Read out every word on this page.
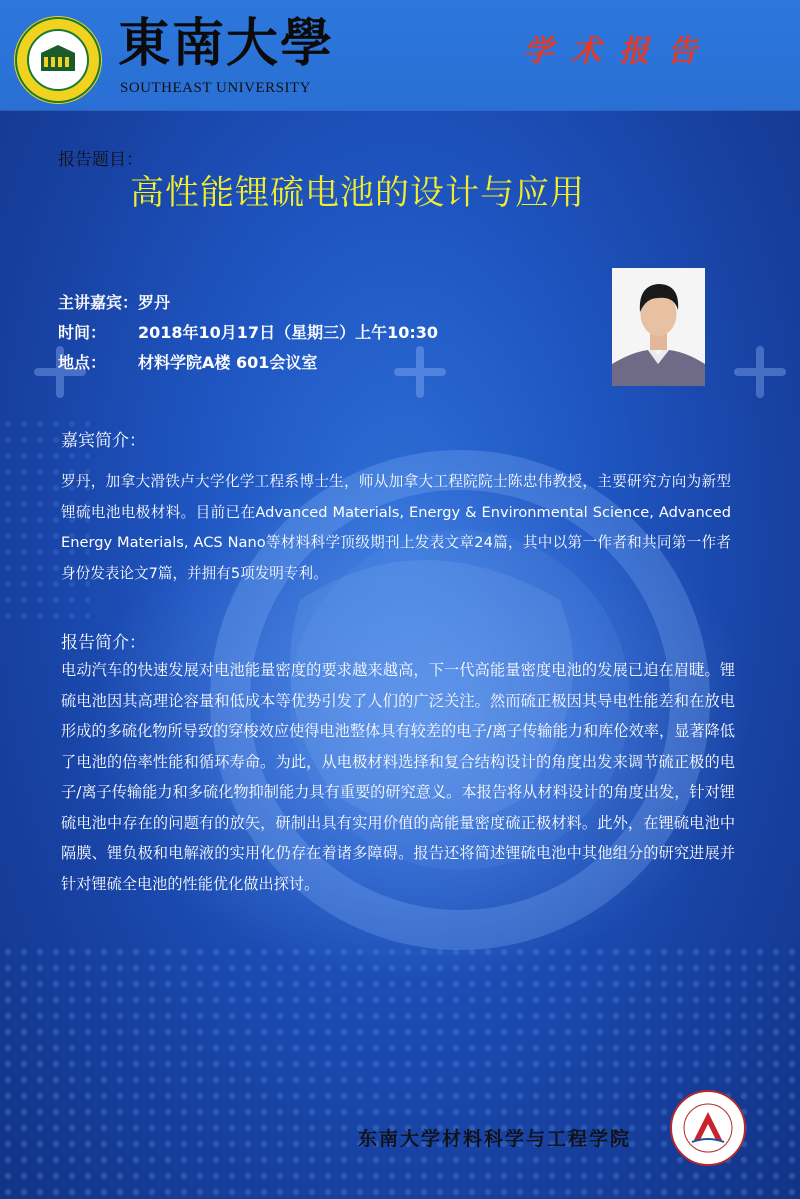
東南大學
SOUTHEAST UNIVERSITY
学术报告
报告题目：
高性能锂硫电池的设计与应用
主讲嘉宾：罗丹
时间： 2018年10月17日（星期三）上午10:30
地点： 材料学院A楼 601会议室
嘉宾简介：
罗丹，加拿大滑铁卢大学化学工程系博士生，师从加拿大工程院院士陈忠伟教授，主要研究方向为新型锂硫电池电极材料。目前已在Advanced Materials, Energy & Environmental Science, Advanced Energy Materials, ACS Nano等材料科学顶级期刊上发表文章24篇，其中以第一作者和共同第一作者身份发表论文7篇，并拥有5项发明专利。
报告简介：
电动汽车的快速发展对电池能量密度的要求越来越高，下一代高能量密度电池的发展已迫在眉睫。锂硫电池因其高理论容量和低成本等优势引发了人们的广泛关注。然而硫正极因其导电性能差和在放电形成的多硫化物所导致的穿梭效应使得电池整体具有较差的电子/离子传输能力和库伦效率，显著降低了电池的倍率性能和循环寿命。为此，从电极材料选择和复合结构设计的角度出发来调节硫正极的电子/离子传输能力和多硫化物抑制能力具有重要的研究意义。本报告将从材料设计的角度出发，针对锂硫电池中存在的问题有的放矢，研制出具有实用价值的高能量密度硫正极材料。此外，在锂硫电池中隔膜、锂负极和电解液的实用化仍存在着诸多障碍。报告还将简述锂硫电池中其他组分的研究进展并针对锂硫全电池的性能优化做出探讨。
东南大学材料科学与工程学院
